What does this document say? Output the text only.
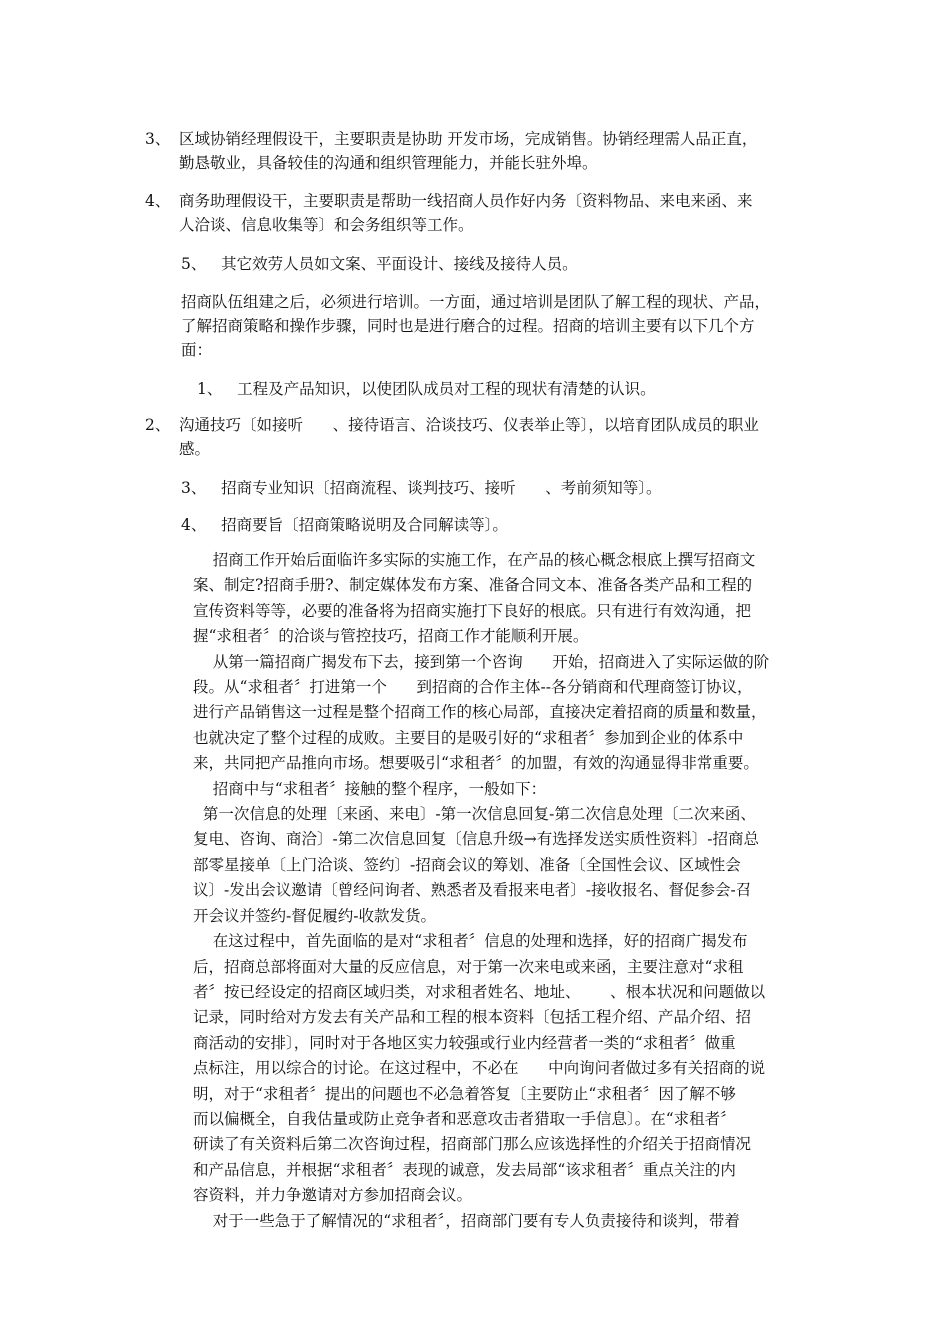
3、 区域协销经理假设干，主要职责是协助 开发市场，完成销售。协销经理需人品正直，
勤恳敬业，具备较佳的沟通和组织管理能力，并能长驻外埠。
4、 商务助理假设干，主要职责是帮助一线招商人员作好内务〔资料物品、来电来函、来
人洽谈、信息收集等〕和会务组织等工作。
5、 其它效劳人员如文案、平面设计、接线及接待人员。
招商队伍组建之后，必须进行培训。一方面，通过培训是团队了解工程的现状、产品，
了解招商策略和操作步骤，同时也是进行磨合的过程。招商的培训主要有以下几个方
面：
1、 工程及产品知识，以使团队成员对工程的现状有清楚的认识。
2、 沟通技巧〔如接听      、接待语言、洽谈技巧、仪表举止等〕，以培育团队成员的职业
感。
3、 招商专业知识〔招商流程、谈判技巧、接听      、考前须知等〕。
4、 招商要旨〔招商策略说明及合同解读等〕。
招商工作开始后面临许多实际的实施工作，在产品的核心概念根底上撰写招商文
案、制定?招商手册?、制定媒体发布方案、准备合同文本、准备各类产品和工程的
宣传资料等等，必要的准备将为招商实施打下良好的根底。只有进行有效沟通，把
握“求租者〞的洽谈与管控技巧，招商工作才能顺利开展。
从第一篇招商广揭发布下去，接到第一个咨询      开始，招商进入了实际运做的阶
段。从“求租者〞打进第一个      到招商的合作主体--各分销商和代理商签订协议，
进行产品销售这一过程是整个招商工作的核心局部，直接决定着招商的质量和数量，
也就决定了整个过程的成败。主要目的是吸引好的“求租者〞参加到企业的体系中
来，共同把产品推向市场。想要吸引“求租者〞的加盟，有效的沟通显得非常重要。
招商中与“求租者〞接触的整个程序，一般如下：
第一次信息的处理〔来函、来电〕-第一次信息回复-第二次信息处理〔二次来函、
复电、咨询、商洽〕-第二次信息回复〔信息升级→有选择发送实质性资料〕-招商总
部零星接单〔上门洽谈、签约〕-招商会议的筹划、准备〔全国性会议、区域性会
议〕-发出会议邀请〔曾经问询者、熟悉者及看报来电者〕-接收报名、督促参会-召
开会议并签约-督促履约-收款发货。
在这过程中，首先面临的是对“求租者〞信息的处理和选择，好的招商广揭发布
后，招商总部将面对大量的反应信息，对于第一次来电或来函，主要注意对“求租
者〞按已经设定的招商区域归类，对求租者姓名、地址、      、根本状况和问题做以
记录，同时给对方发去有关产品和工程的根本资料〔包括工程介绍、产品介绍、招
商活动的安排〕，同时对于各地区实力较强或行业内经营者一类的“求租者〞做重
点标注，用以综合的讨论。在这过程中，不必在      中向询问者做过多有关招商的说
明，对于“求租者〞提出的问题也不必急着答复〔主要防止“求租者〞因了解不够
而以偏概全，自我估量或防止竞争者和恶意攻击者猎取一手信息〕。在“求租者〞
研读了有关资料后第二次咨询过程，招商部门那么应该选择性的介绍关于招商情况
和产品信息，并根据“求租者〞表现的诚意，发去局部“该求租者〞重点关注的内
容资料，并力争邀请对方参加招商会议。
对于一些急于了解情况的“求租者〞，招商部门要有专人负责接待和谈判，带着
